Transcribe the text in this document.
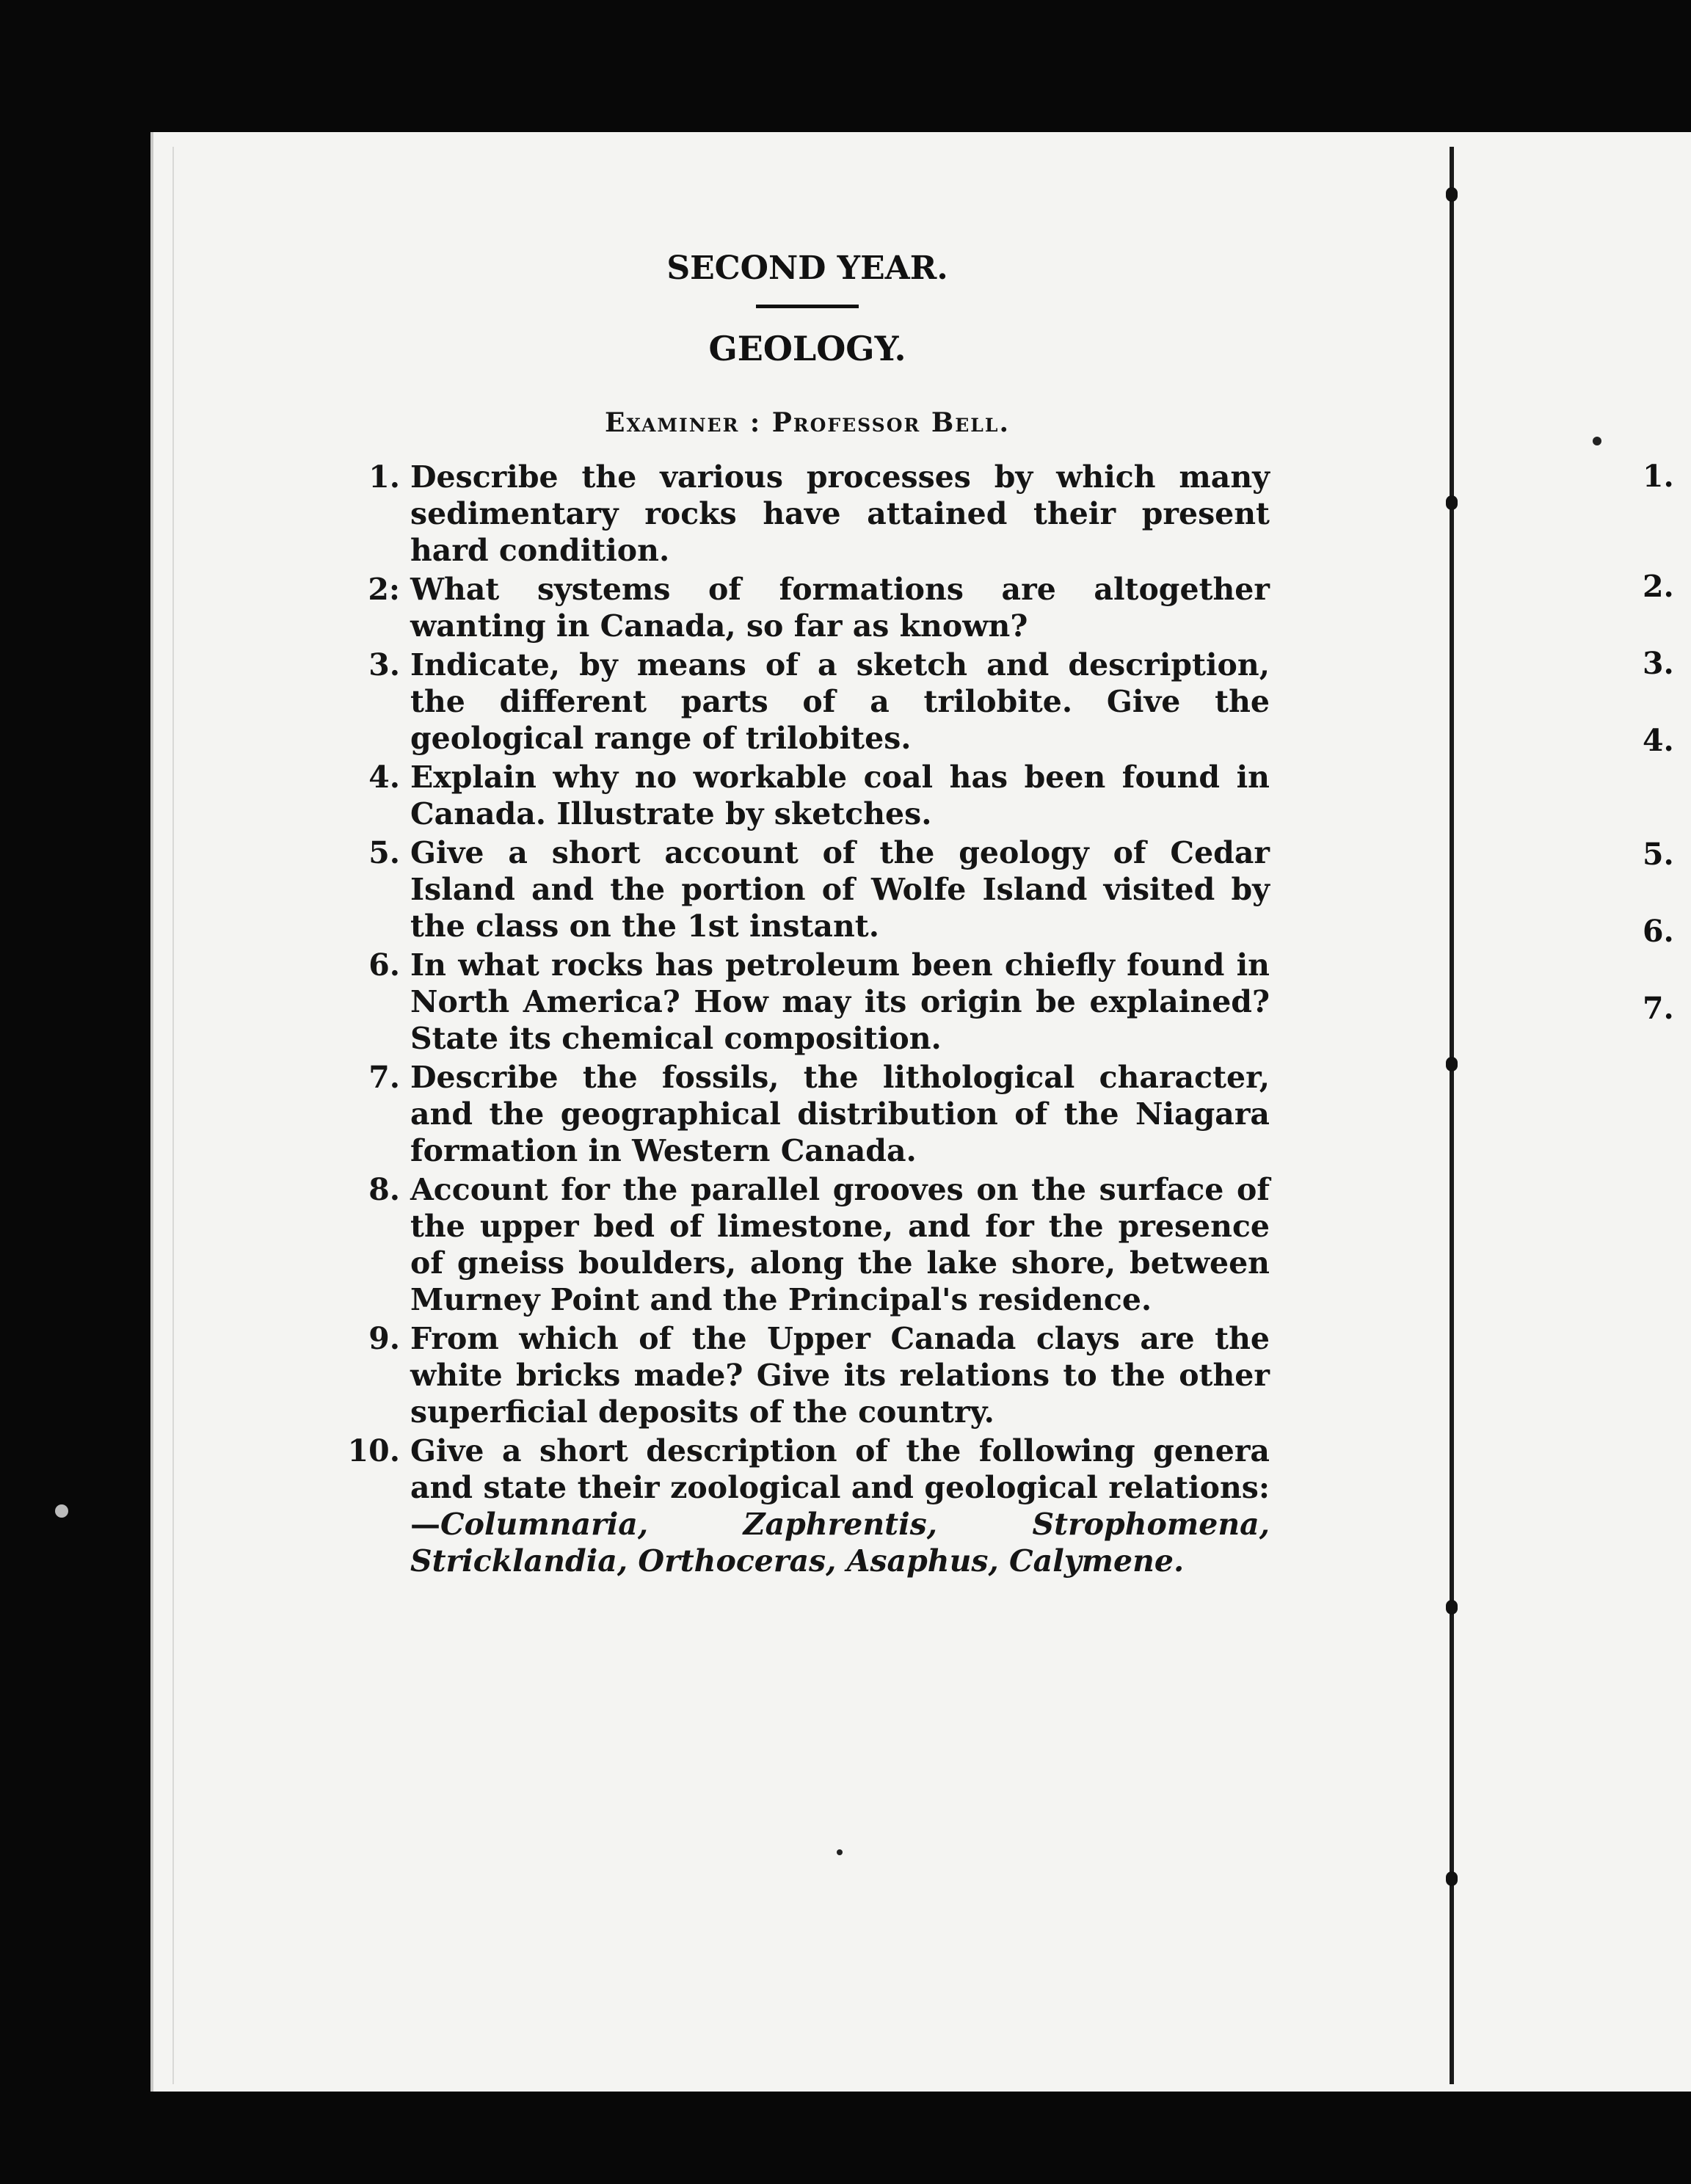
SECOND YEAR.
GEOLOGY.
Examiner : Professor Bell.
1. Describe the various processes by which many sedimentary rocks have attained their present hard condition.
2: What systems of formations are altogether wanting in Canada, so far as known?
3. Indicate, by means of a sketch and description, the different parts of a trilobite. Give the geological range of trilobites.
4. Explain why no workable coal has been found in Canada. Illustrate by sketches.
5. Give a short account of the geology of Cedar Island and the portion of Wolfe Island visited by the class on the 1st instant.
6. In what rocks has petroleum been chiefly found in North America? How may its origin be explained? State its chemical composition.
7. Describe the fossils, the lithological character, and the geographical distribution of the Niagara formation in Western Canada.
8. Account for the parallel grooves on the surface of the upper bed of limestone, and for the presence of gneiss boulders, along the lake shore, between Murney Point and the Principal's residence.
9. From which of the Upper Canada clays are the white bricks made? Give its relations to the other superficial deposits of the country.
10. Give a short description of the following genera and state their zoological and geological relations:—Columnaria, Zaphrentis, Strophomena, Stricklandia, Orthoceras, Asaphus, Calymene.
1.
2.
3.
4.
5.
6.
7.
